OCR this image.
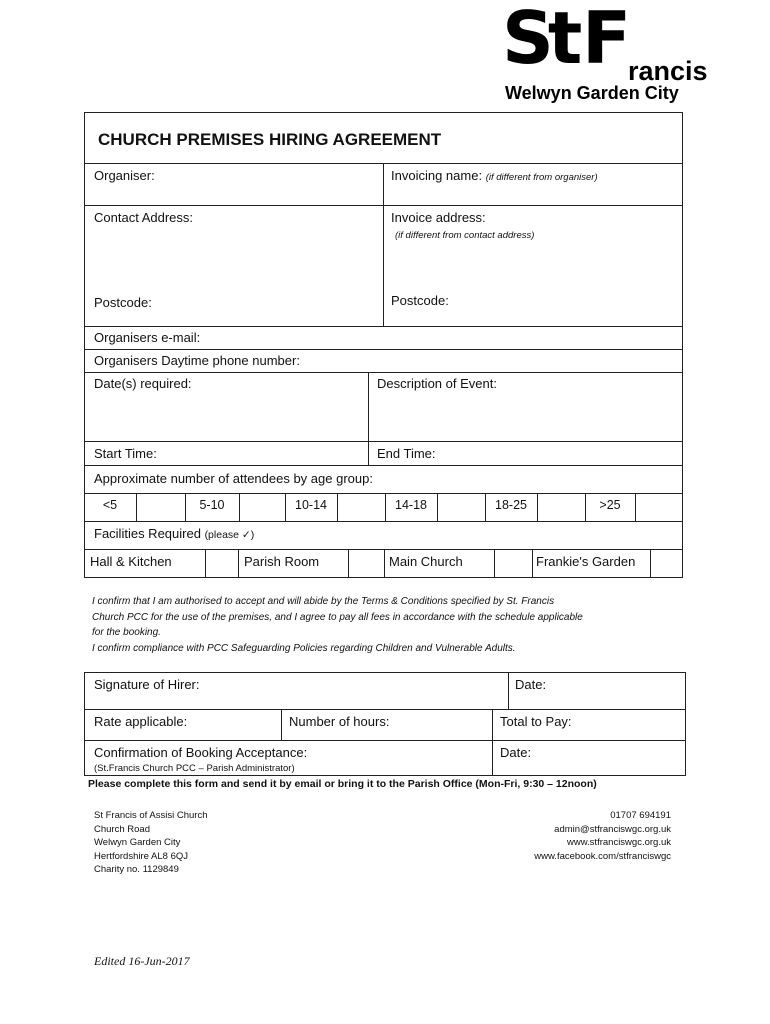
St F
rancis
Welwyn Garden City
CHURCH PREMISES HIRING AGREEMENT
Organiser:	Invoicing name: (if different from organiser)
Contact Address:	Invoice address:
(if different from contact address)
Postcode:	Postcode:
Organisers e-mail:
Organisers Daytime phone number:
Date(s) required:	Description of Event:
Start Time:	End Time:
Approximate number of attendees by age group:
<5	5-10	10-14	14-18	18-25	>25
Facilities Required (please ✓)
Hall & Kitchen	Parish Room	Main Church	Frankie's Garden
I confirm that I am authorised to accept and will abide by the Terms & Conditions specified by St. Francis
Church PCC for the use of the premises, and I agree to pay all fees in accordance with the schedule applicable
for the booking.
I confirm compliance with PCC Safeguarding Policies regarding Children and Vulnerable Adults.
Signature of Hirer:	Date:
Rate applicable:	Number of hours:	Total to Pay:
Confirmation of Booking Acceptance:
(St.Francis Church PCC – Parish Administrator)
Date:
Please complete this form and send it by email or bring it to the Parish Office (Mon-Fri, 9:30 – 12noon)
St Francis of Assisi Church
Church Road
Welwyn Garden City
Hertfordshire AL8 6QJ
Charity no. 1129849
01707 694191
admin@stfranciswgc.org.uk
www.stfranciswgc.org.uk
www.facebook.com/stfranciswgc
Edited 16-Jun-2017
